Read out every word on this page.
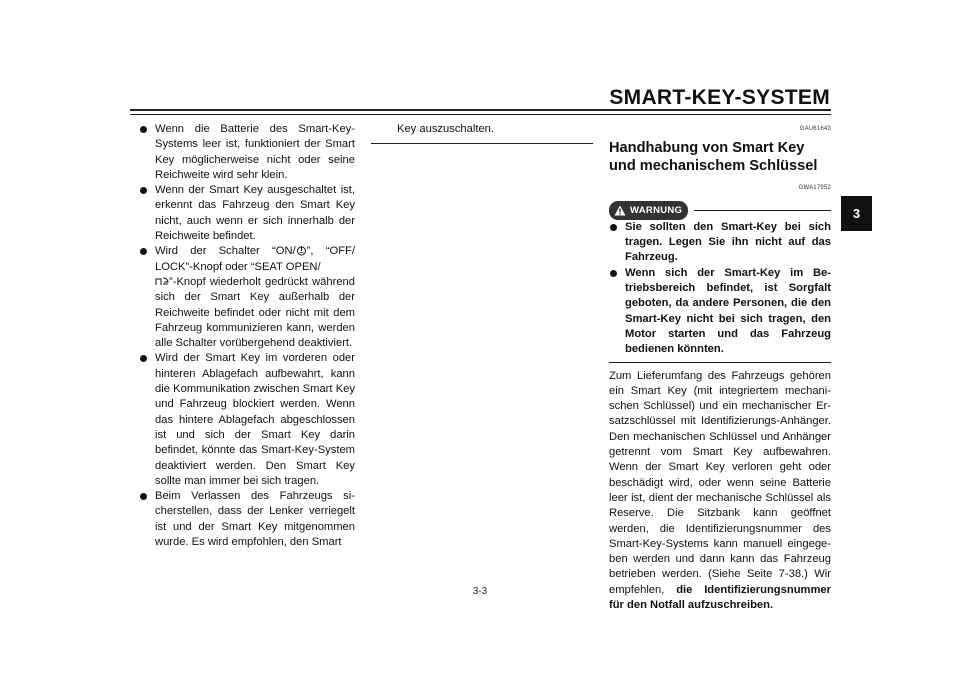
SMART-KEY-SYSTEM
3
Wenn die Batterie des Smart-Key-Systems leer ist, funktioniert der Smart Key möglicherweise nicht oder seine Reichweite wird sehr klein.
Wenn der Smart Key ausgeschaltet ist, erkennt das Fahrzeug den Smart Key nicht, auch wenn er sich innerhalb der Reichweite befindet.
Wird der Schalter “ON/ ”, “OFF/ LOCK”-Knopf oder “SEAT OPEN/
”-Knopf wiederholt gedrückt während sich der Smart Key außerhalb der Reichweite befindet oder nicht mit dem Fahrzeug kommunizieren kann, werden alle Schalter vorübergehend deaktiviert.
Wird der Smart Key im vorderen oder hinteren Ablagefach aufbewahrt, kann die Kommunikation zwischen Smart Key und Fahrzeug blockiert werden. Wenn das hintere Ablagefach abgeschlossen ist und sich der Smart Key darin befindet, könnte das Smart-Key-System deaktiviert werden. Den Smart Key sollte man immer bei sich tragen.
Beim Verlassen des Fahrzeugs sicherstellen, dass der Lenker verriegelt ist und der Smart Key mitgenommen wurde. Es wird empfohlen, den Smart
Key auszuschalten.	GAU61643
Handhabung von Smart Key und mechanischem Schlüssel
GWA17952
WARNUNG
Sie sollten den Smart-Key bei sich tragen. Legen Sie ihn nicht auf das Fahrzeug.
Wenn sich der Smart-Key im Betriebsbereich befindet, ist Sorgfalt geboten, da andere Personen, die den Smart-Key nicht bei sich tragen, den Motor starten und das Fahrzeug bedienen könnten.
Zum Lieferumfang des Fahrzeugs gehören ein Smart Key (mit integriertem mechanischen Schlüssel) und ein mechanischer Ersatzschlüssel mit Identifizierungs-Anhänger. Den mechanischen Schlüssel und Anhänger getrennt vom Smart Key aufbewahren. Wenn der Smart Key verloren geht oder beschädigt wird, oder wenn seine Batterie leer ist, dient der mechanische Schlüssel als Reserve. Die Sitzbank kann geöffnet werden, die Identifizierungsnummer des Smart-Key-Systems kann manuell eingegeben werden und dann kann das Fahrzeug betrieben werden. (Siehe Seite 7-38.) Wir empfehlen, die Identifizierungsnummer für den Notfall aufzuschreiben.
3-3
